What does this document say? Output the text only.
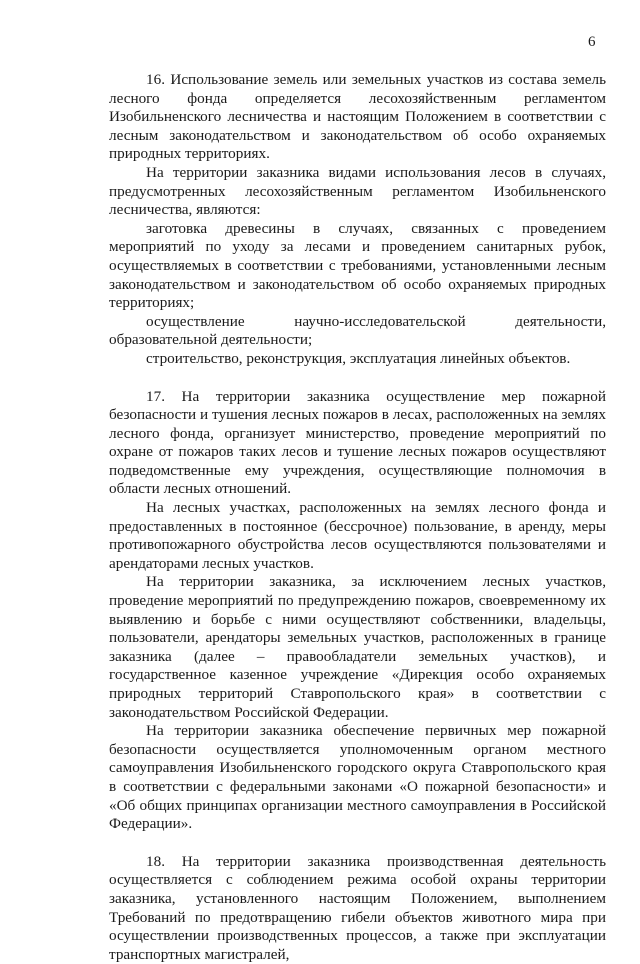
6

16. Использование земель или земельных участков из состава земель лесного фонда определяется лесохозяйственным регламентом Изобильненского лесничества и настоящим Положением в соответствии с лесным законодательством и законодательством об особо охраняемых природных территориях.

На территории заказника видами использования лесов в случаях, предусмотренных лесохозяйственным регламентом Изобильненского лесничества, являются:

заготовка древесины в случаях, связанных с проведением мероприятий по уходу за лесами и проведением санитарных рубок, осуществляемых в соответствии с требованиями, установленными лесным законодательством и законодательством об особо охраняемых природных территориях;

осуществление научно-исследовательской деятельности, образовательной деятельности;

строительство, реконструкция, эксплуатация линейных объектов.

17. На территории заказника осуществление мер пожарной безопасности и тушения лесных пожаров в лесах, расположенных на землях лесного фонда, организует министерство, проведение мероприятий по охране от пожаров таких лесов и тушение лесных пожаров осуществляют подведомственные ему учреждения, осуществляющие полномочия в области лесных отношений.

На лесных участках, расположенных на землях лесного фонда и предоставленных в постоянное (бессрочное) пользование, в аренду, меры противопожарного обустройства лесов осуществляются пользователями и арендаторами лесных участков.

На территории заказника, за исключением лесных участков, проведение мероприятий по предупреждению пожаров, своевременному их выявлению и борьбе с ними осуществляют собственники, владельцы, пользователи, арендаторы земельных участков, расположенных в границе заказника (далее – правообладатели земельных участков), и государственное казенное учреждение «Дирекция особо охраняемых природных территорий Ставропольского края» в соответствии с законодательством Российской Федерации.

На территории заказника обеспечение первичных мер пожарной безопасности осуществляется уполномоченным органом местного самоуправления Изобильненского городского округа Ставропольского края в соответствии с федеральными законами «О пожарной безопасности» и «Об общих принципах организации местного самоуправления в Российской Федерации».

18. На территории заказника производственная деятельность осуществляется с соблюдением режима особой охраны территории заказника, установленного настоящим Положением, выполнением Требований по предотвращению гибели объектов животного мира при осуществлении производственных процессов, а также при эксплуатации транспортных магистралей,
